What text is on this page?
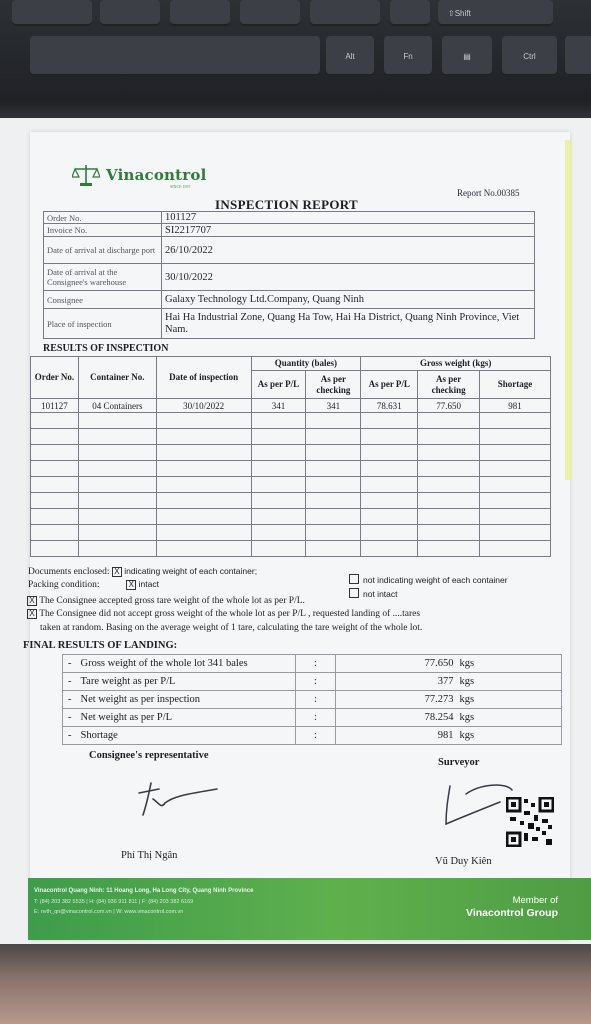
⇧Shift
Alt	Fn	▤	Ctrl
Vinacontrol
SINCE 1957
Report No.00385
INSPECTION REPORT
Order No.	101127
Invoice No.	SI2217707
Date of arrival at discharge port	26/10/2022
Date of arrival at the Consignee's warehouse	30/10/2022
Consignee	Galaxy Technology Ltd.Company, Quang Ninh
Place of inspection	Hai Ha Industrial Zone, Quang Ha Tow, Hai Ha District, Quang Ninh Province, Viet Nam.
RESULTS OF INSPECTION
Order No.	Container No.	Date of inspection	Quantity (bales)		Gross weight (kgs)		
			As per P/L	As per checking	As per P/L	As per checking	Shortage
101127	04 Containers	30/10/2022	341	341	78.631	77.650	981

Documents enclosed: X indicating weight of each container;
not indicating weight of each container
Packing condition:	X intact
not intact
X The Consignee accepted gross tare weight of the whole lot as per P/L.
X The Consignee did not accept gross weight of the whole lot as per P/L , requested landing of ....tares
taken at random. Basing on the average weight of 1 tare, calculating the tare weight of the whole lot.
FINAL RESULTS OF LANDING:
-	Gross weight of the whole lot 341 bales	:	77.650	kgs
-	Tare weight as per P/L	:	377	kgs
-	Net weight as per inspection	:	77.273	kgs
-	Net weight as per P/L	:	78.254	kgs
-	Shortage	:	981	kgs
Consignee's representative
Surveyor
Phí Thị Ngân
Vũ Duy Kiên
Vinacontrol Quang Ninh: 11 Hoang Long, Ha Long City, Quang Ninh Province
T: (84) 203 382 5535 | H: (84) 936 911 811 | F: (84) 203 382 6169
E: nvth_qn@vinacontrol.com.vn | W: www.vinacontrol.com.vn
Member of
Vinacontrol Group
